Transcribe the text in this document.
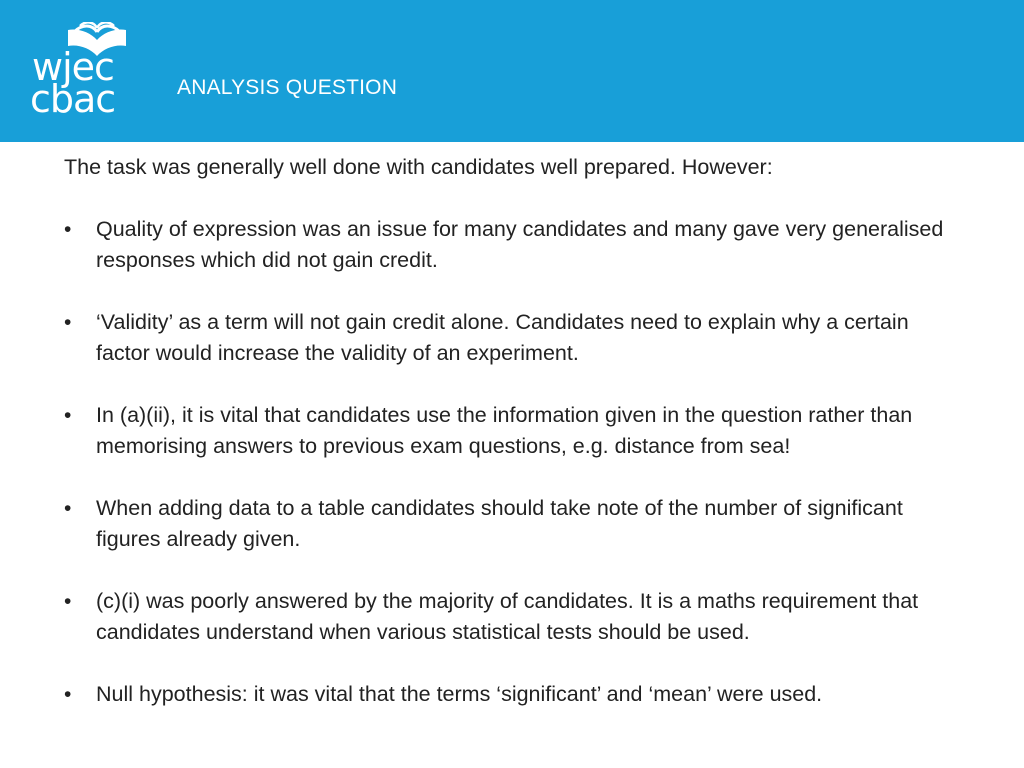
wjec
cbac	ANALYSIS QUESTION

The task was generally well done with candidates well prepared. However:

•	Quality of expression was an issue for many candidates and many gave very generalised responses which did not gain credit.
•	‘Validity’ as a term will not gain credit alone. Candidates need to explain why a certain factor would increase the validity of an experiment.
•	In (a)(ii), it is vital that candidates use the information given in the question rather than memorising answers to previous exam questions, e.g. distance from sea!
•	When adding data to a table candidates should take note of the number of significant figures already given.
•	(c)(i) was poorly answered by the majority of candidates. It is a maths requirement that candidates understand when various statistical tests should be used.
•	Null hypothesis: it was vital that the terms ‘significant’ and ‘mean’ were used.
